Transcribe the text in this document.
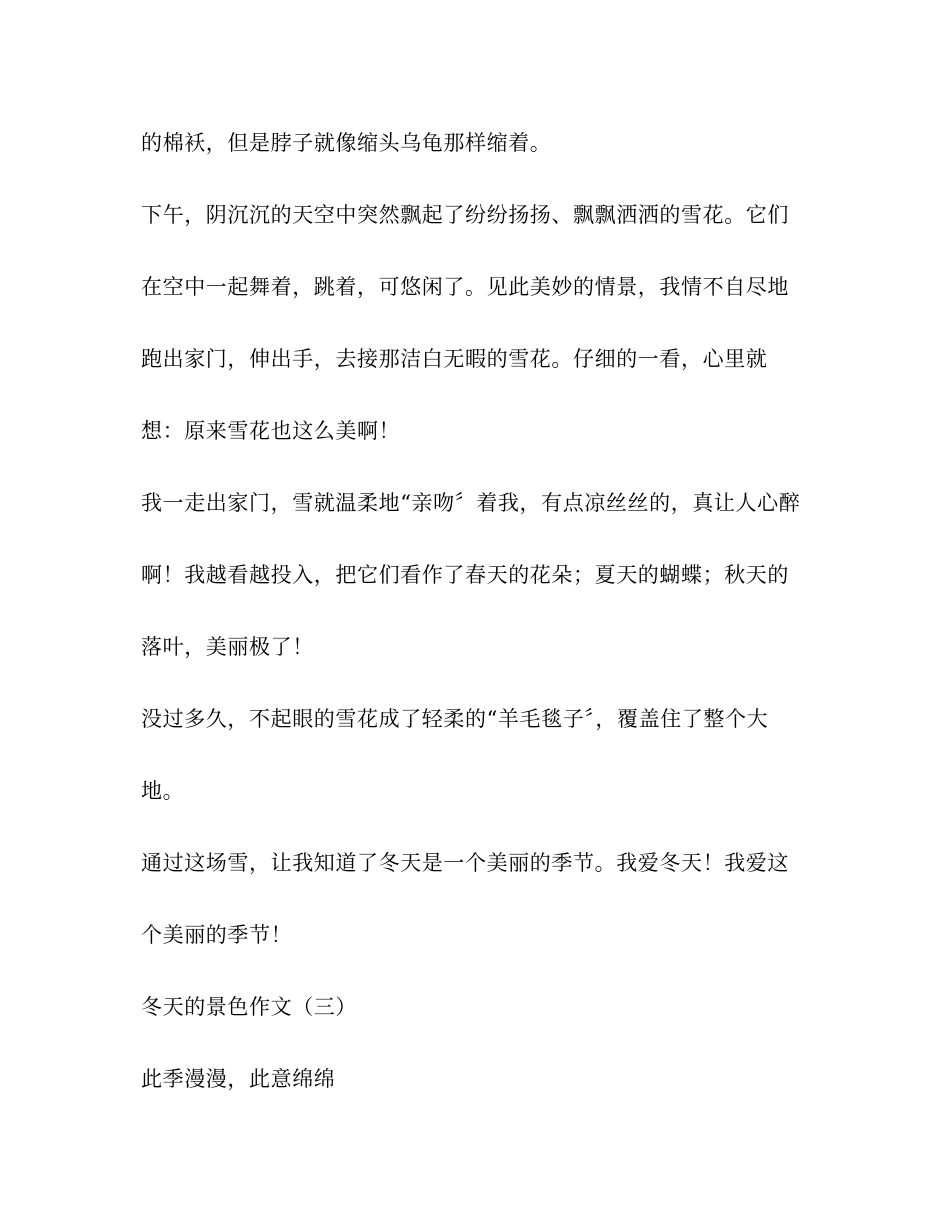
的棉袄，但是脖子就像缩头乌龟那样缩着。

下午，阴沉沉的天空中突然飘起了纷纷扬扬、飘飘洒洒的雪花。它们

在空中一起舞着，跳着，可悠闲了。见此美妙的情景，我情不自尽地

跑出家门，伸出手，去接那洁白无暇的雪花。仔细的一看，心里就

想：原来雪花也这么美啊！

我一走出家门，雪就温柔地“亲吻〞着我，有点凉丝丝的，真让人心醉

啊！我越看越投入，把它们看作了春天的花朵；夏天的蝴蝶；秋天的

落叶，美丽极了！

没过多久，不起眼的雪花成了轻柔的“羊毛毯子〞，覆盖住了整个大

地。

通过这场雪，让我知道了冬天是一个美丽的季节。我爱冬天！我爱这

个美丽的季节！

冬天的景色作文（三）

此季漫漫，此意绵绵
